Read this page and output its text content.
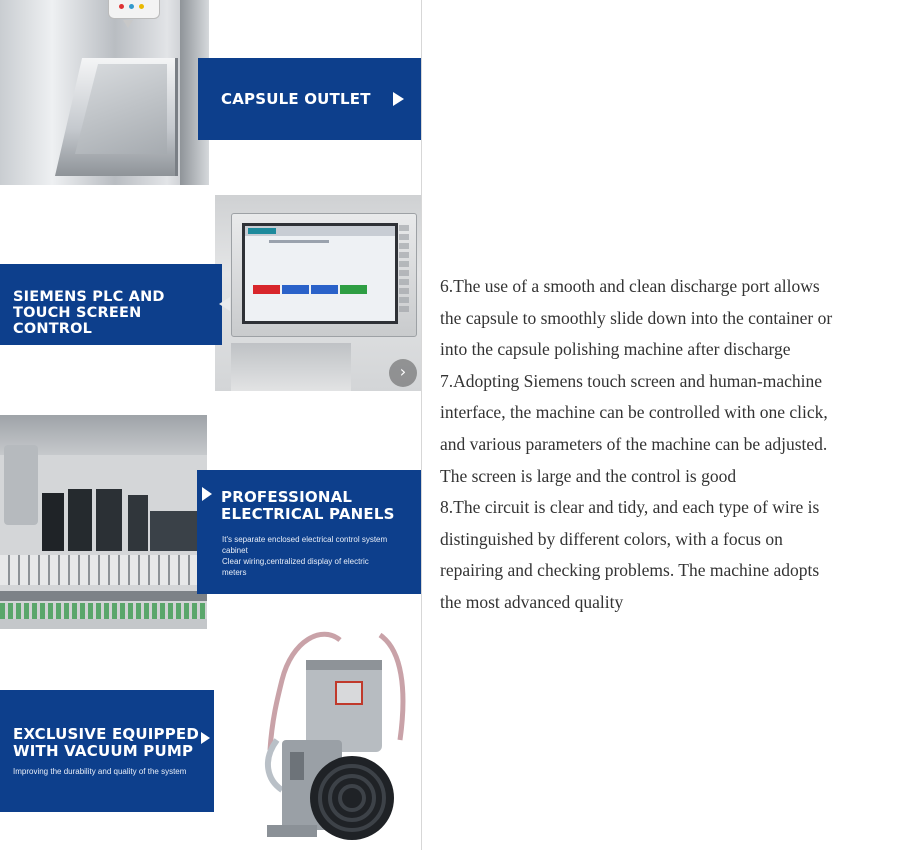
CAPSULE OUTLET
›
SIEMENS PLC AND
TOUCH SCREEN CONTROL
PROFESSIONAL
ELECTRICAL PANELS
It's separate enclosed electrical control system
cabinet
Clear wiring,centralized display of electric
meters
EXCLUSIVE EQUIPPED
WITH VACUUM PUMP
Improving the durability and quality of the system

6.The use of a smooth and clean discharge port allows

the capsule to smoothly slide down into the container or

into the capsule polishing machine after discharge

7.Adopting Siemens touch screen and human-machine

interface, the machine can be controlled with one click,

and various parameters of the machine can be adjusted.

The screen is large and the control is good

8.The circuit is clear and tidy, and each type of wire is

distinguished by different colors, with a focus on

repairing and checking problems. The machine adopts

the most advanced quality
